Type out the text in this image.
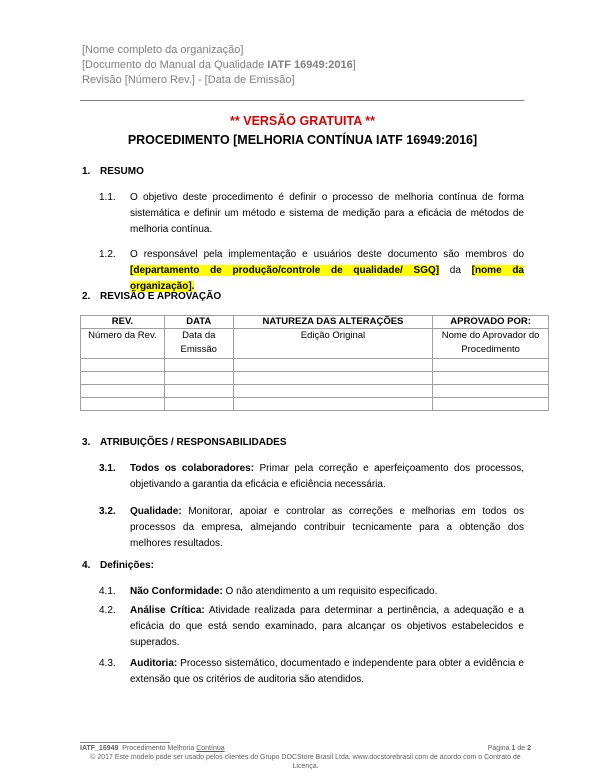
[Nome completo da organização]
[Documento do Manual da Qualidade IATF 16949:2016]
Revisão [Número Rev.] - [Data de Emissão]
** VERSÃO GRATUITA **
PROCEDIMENTO [MELHORIA CONTÍNUA IATF 16949:2016]
1. RESUMO
1.1. O objetivo deste procedimento é definir o processo de melhoria contínua de forma sistemática e definir um método e sistema de medição para a eficácia de métodos de melhoria contínua.
1.2. O responsável pela implementação e usuários deste documento são membros do [departamento de produção/controle de qualidade/ SGQ] da [nome da organização].
2. REVISÃO E APROVAÇÃO
REV.	DATA	NATUREZA DAS ALTERAÇÕES	APROVADO POR:
Número da Rev.	Data da Emissão	Edição Original	Nome do Aprovador do Procedimento

3. ATRIBUIÇÕES / RESPONSABILIDADES
3.1. Todos os colaboradores: Primar pela correção e aperfeiçoamento dos processos, objetivando a garantia da eficácia e eficiência necessária.
3.2. Qualidade: Monitorar, apoiar e controlar as correções e melhorias em todos os processos da empresa, almejando contribuir tecnicamente para a obtenção dos melhores resultados.
4. Definições:
4.1. Não Conformidade: O não atendimento a um requisito especificado.
4.2. Análise Crítica: Atividade realizada para determinar a pertinência, a adequação e a eficácia do que está sendo examinado, para alcançar os objetivos estabelecidos e superados.
4.3. Auditoria: Processo sistemático, documentado e independente para obter a evidência e extensão que os critérios de auditoria são atendidos.
IATF_16949 Procedimento Melhoria Contínua	Página 1 de 2
© 2017 Este modelo pode ser usado pelos clientes do Grupo DOCStore Brasil Ltda. www.docstorebrasil.com de acordo com o Contrato de Licença.
